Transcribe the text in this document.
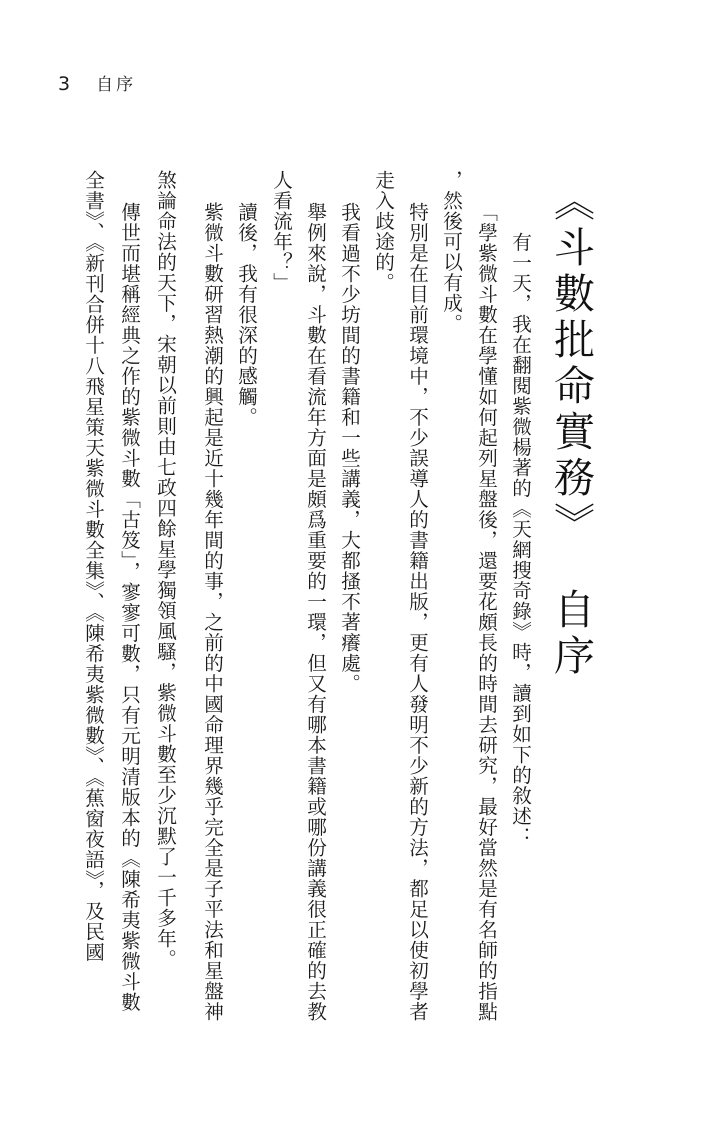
3 自序
《斗數批命實務》自序
有一天，我在翻閱紫微楊著的《天網搜奇錄》時，讀到如下的敘述：
「學紫微斗數在學懂如何起列星盤後，還要花頗長的時間去研究，最好當然是有名師的指點
，然後可以有成。
特別是在目前環境中，不少誤導人的書籍出版，更有人發明不少新的方法，都足以使初學者
走入歧途的。
我看過不少坊間的書籍和一些講義，大都搔不著癢處。
舉例來說，斗數在看流年方面是頗爲重要的一環，但又有哪本書籍或哪份講義很正確的去教
人看流年？」
讀後，我有很深的感觸。
紫微斗數研習熱潮的興起是近十幾年間的事，之前的中國命理界幾乎完全是子平法和星盤神
煞論命法的天下，宋朝以前則由七政四餘星學獨領風騷，紫微斗數至少沉默了一千多年。
傳世而堪稱經典之作的紫微斗數「古笈」，寥寥可數，只有元明清版本的《陳希夷紫微斗數
全書》、《新刊合併十八飛星策天紫微斗數全集》、《陳希夷紫微數》、《蕉窗夜語》，及民國
